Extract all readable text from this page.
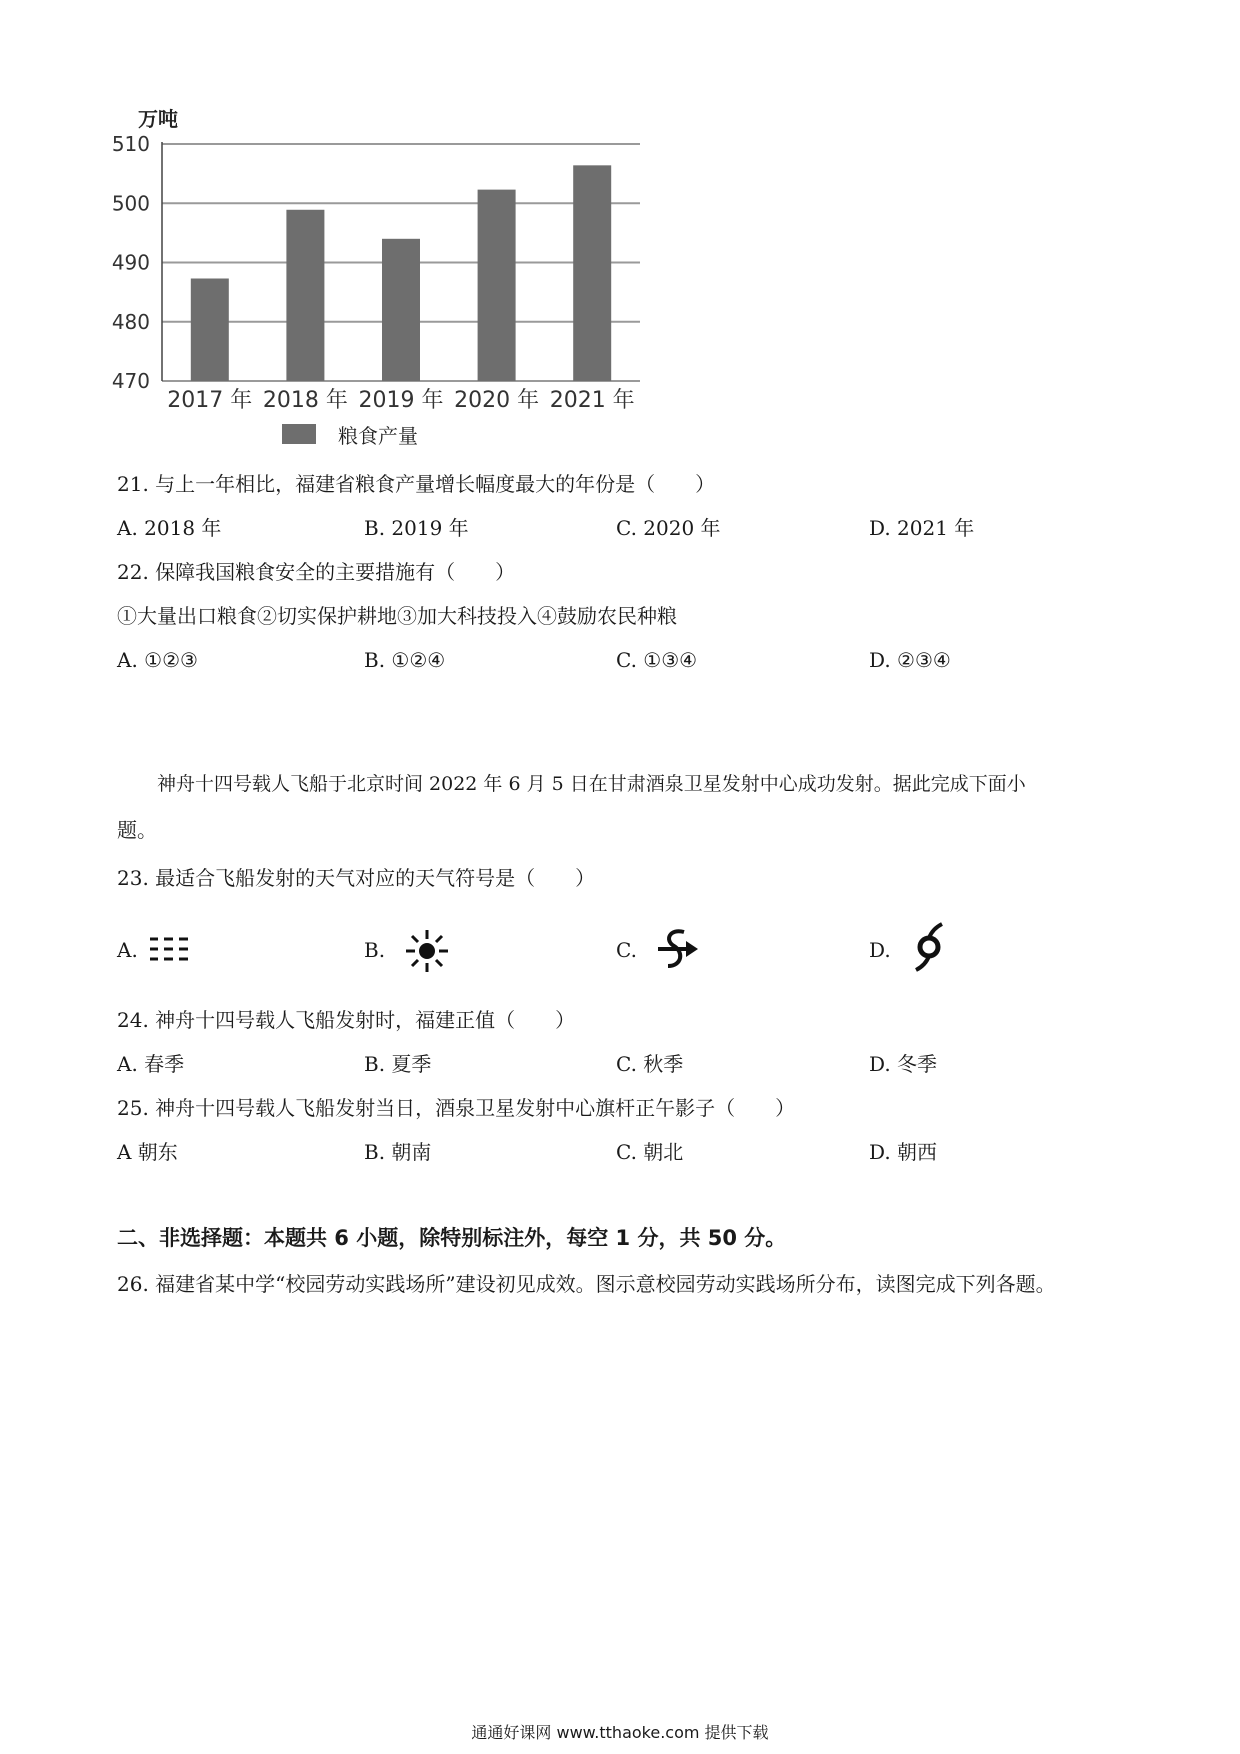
万吨
470
480
490
500
510
2017 年 2018 年 2019 年 2020 年 2021 年
粮食产量
21. 与上一年相比，福建省粮食产量增长幅度最大的年份是（　　）
A. 2018 年	B. 2019 年	C. 2020 年	D. 2021 年
22. 保障我国粮食安全的主要措施有（　　）
①大量出口粮食②切实保护耕地③加大科技投入④鼓励农民种粮
A. ①②③	B. ①②④	C. ①③④	D. ②③④
神舟十四号载人飞船于北京时间 2022 年 6 月 5 日在甘肃酒泉卫星发射中心成功发射。据此完成下面小
题。
23. 最适合飞船发射的天气对应的天气符号是（　　）
A.	B.	C.	D.
24. 神舟十四号载人飞船发射时，福建正值（　　）
A. 春季	B. 夏季	C. 秋季	D. 冬季
25. 神舟十四号载人飞船发射当日，酒泉卫星发射中心旗杆正午影子（　　）
A 朝东	B. 朝南	C. 朝北	D. 朝西
二、非选择题：本题共 6 小题，除特别标注外，每空 1 分，共 50 分。
26. 福建省某中学“校园劳动实践场所”建设初见成效。图示意校园劳动实践场所分布，读图完成下列各题。
通通好课网 www.tthaoke.com 提供下载
